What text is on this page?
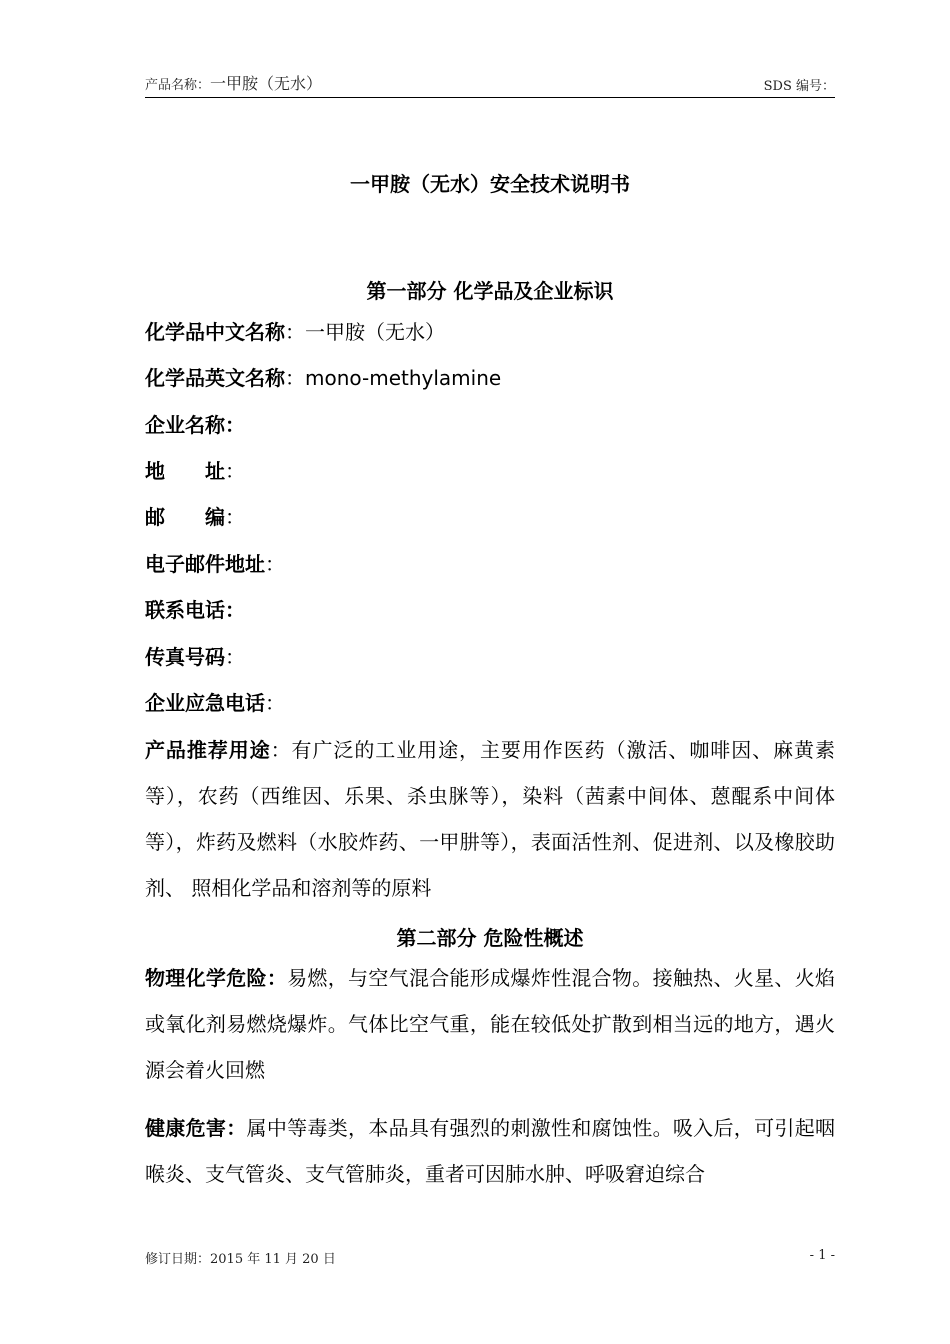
产品名称：一甲胺（无水）	SDS 编号：
一甲胺（无水）安全技术说明书
第一部分 化学品及企业标识
化学品中文名称：一甲胺（无水）
化学品英文名称：mono-methylamine
企业名称：
地　　址：
邮　　编：
电子邮件地址：
联系电话：
传真号码：
企业应急电话：
产品推荐用途：有广泛的工业用途，主要用作医药（激活、咖啡因、麻黄素等），农药（西维因、乐果、杀虫脒等），染料（茜素中间体、蒽醌系中间体等），炸药及燃料（水胶炸药、一甲肼等），表面活性剂、促进剂、以及橡胶助剂、 照相化学品和溶剂等的原料
第二部分 危险性概述
物理化学危险：易燃，与空气混合能形成爆炸性混合物。接触热、火星、火焰或氧化剂易燃烧爆炸。气体比空气重，能在较低处扩散到相当远的地方，遇火源会着火回燃
健康危害：属中等毒类，本品具有强烈的刺激性和腐蚀性。吸入后，可引起咽喉炎、支气管炎、支气管肺炎，重者可因肺水肿、呼吸窘迫综合
修订日期：2015 年 11 月 20 日	- 1 -
